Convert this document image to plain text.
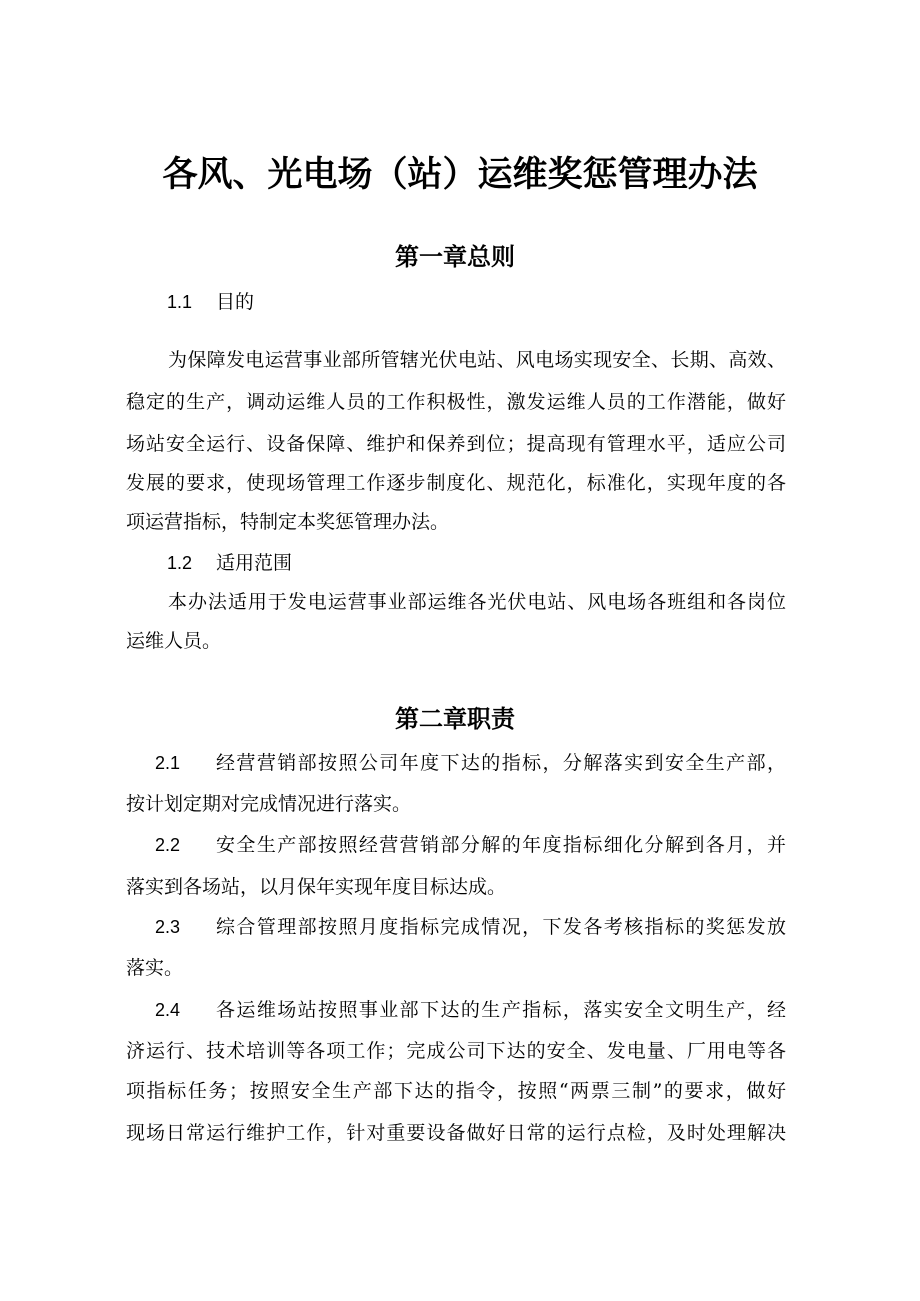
各风、光电场（站）运维奖惩管理办法
第一章总则
1.1 目的
为保障发电运营事业部所管辖光伏电站、风电场实现安全、长期、高效、
稳定的生产，调动运维人员的工作积极性，激发运维人员的工作潜能，做好
场站安全运行、设备保障、维护和保养到位；提高现有管理水平，适应公司
发展的要求，使现场管理工作逐步制度化、规范化，标准化，实现年度的各
项运营指标，特制定本奖惩管理办法。
1.2 适用范围
本办法适用于发电运营事业部运维各光伏电站、风电场各班组和各岗位
运维人员。
第二章职责
2.1 经营营销部按照公司年度下达的指标，分解落实到安全生产部，
按计划定期对完成情况进行落实。
2.2 安全生产部按照经营营销部分解的年度指标细化分解到各月，并
落实到各场站，以月保年实现年度目标达成。
2.3 综合管理部按照月度指标完成情况，下发各考核指标的奖惩发放
落实。
2.4 各运维场站按照事业部下达的生产指标，落实安全文明生产，经
济运行、技术培训等各项工作；完成公司下达的安全、发电量、厂用电等各
项指标任务；按照安全生产部下达的指令，按照“两票三制”的要求，做好
现场日常运行维护工作，针对重要设备做好日常的运行点检，及时处理解决
